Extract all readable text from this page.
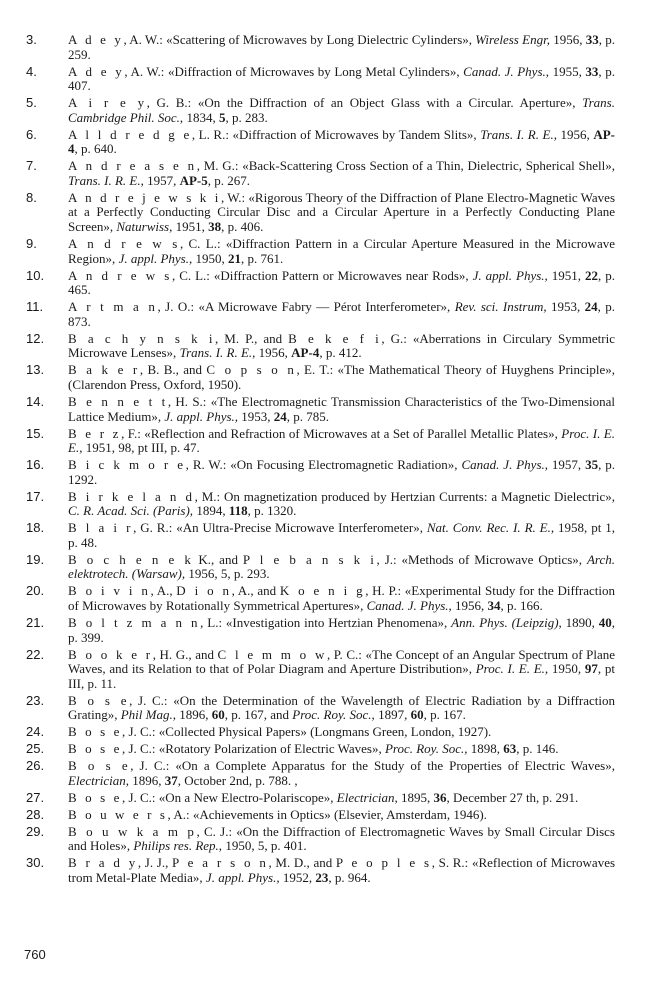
3.	A d e y, A. W.: «Scattering of Microwaves by Long Dielectric Cylinders», Wireless Engr, 1956, 33, p. 259.
4.	A d e y, A. W.: «Diffraction of Microwaves by Long Metal Cylinders», Canad. J. Phys., 1955, 33, p. 407.
5.	A i r e y, G. B.: «On the Diffraction of an Object Glass with a Circular. Aperture», Trans. Cambridge Phil. Soc., 1834, 5, p. 283.
6.	A l l d r e d g e, L. R.: «Diffraction of Microwaves by Tandem Slits», Trans. I. R. E., 1956, AP-4, p. 640.
7.	A n d r e a s e n, M. G.: «Back-Scattering Cross Section of a Thin, Dielectric, Spherical Shell», Trans. I. R. E., 1957, AP-5, p. 267.
8.	A n d r e j e w s k i, W.: «Rigorous Theory of the Diffraction of Plane Electro-Magnetic Waves at a Perfectly Conducting Circular Disc and a Circular Aperture in a Perfectly Conducting Plane Screen», Naturwiss, 1951, 38, p. 406.
9.	A n d r e w s, C. L.: «Diffraction Pattern in a Circular Aperture Measured in the Microwave Region», J. appl. Phys., 1950, 21, p. 761.
10.	A n d r e w s, C. L.: «Diffraction Pattern or Microwaves near Rods», J. appl. Phys., 1951, 22, p. 465.
11.	A r t m a n, J. O.: «A Microwave Fabry — Pérot Interferometer», Rev. sci. Instrum, 1953, 24, p. 873.
12.	B a c h y n s k i, M. P., and B e k e f i, G.: «Aberrations in Circulary Symmetric Microwave Lenses», Trans. I. R. E., 1956, AP-4, p. 412.
13.	B a k e r, B. B., and C o p s o n, E. T.: «The Mathematical Theory of Huyghens Principle», (Clarendon Press, Oxford, 1950).
14.	B e n n e t t, H. S.: «The Electromagnetic Transmission Characteristics of the Two-Dimensional Lattice Medium», J. appl. Phys., 1953, 24, p. 785.
15.	B e r z, F.: «Reflection and Refraction of Microwaves at a Set of Parallel Metallic Plates», Proc. I. E. E., 1951, 98, pt III, p. 47.
16.	B i c k m o r e, R. W.: «On Focusing Electromagnetic Radiation», Canad. J. Phys., 1957, 35, p. 1292.
17.	B i r k e l a n d, M.: On magnetization produced by Hertzian Currents: a Magnetic Dielectric», C. R. Acad. Sci. (Paris), 1894, 118, p. 1320.
18.	B l a i r, G. R.: «An Ultra-Precise Microwave Interferometer», Nat. Conv. Rec. I. R. E., 1958, pt 1, p. 48.
19.	B o c h e n e k K., and P l e b a n s k i, J.: «Methods of Microwave Optics», Arch. elektrotech. (Warsaw), 1956, 5, p. 293.
20.	B o i v i n, A., D i o n, A., and K o e n i g, H. P.: «Experimental Study for the Diffraction of Microwaves by Rotationally Symmetrical Apertures», Canad. J. Phys., 1956, 34, p. 166.
21.	B o l t z m a n n, L.: «Investigation into Hertzian Phenomena», Ann. Phys. (Leipzig), 1890, 40, p. 399.
22.	B o o k e r, H. G., and C l e m m o w, P. C.: «The Concept of an Angular Spectrum of Plane Waves, and its Relation to that of Polar Diagram and Aperture Distribution», Proc. I. E. E., 1950, 97, pt III, p. 11.
23.	B o s e, J. C.: «On the Determination of the Wavelength of Electric Radiation by a Diffraction Grating», Phil Mag., 1896, 60, p. 167, and Proc. Roy. Soc., 1897, 60, p. 167.
24.	B o s e, J. C.: «Collected Physical Papers» (Longmans Green, London, 1927).
25.	B o s e, J. C.: «Rotatory Polarization of Electric Waves», Proc. Roy. Soc., 1898, 63, p. 146.
26.	B o s e, J. C.: «On a Complete Apparatus for the Study of the Properties of Electric Waves», Electrician, 1896, 37, October 2nd, p. 788. ,
27.	B o s e, J. C.: «On a New Electro-Polariscope», Electrician, 1895, 36, December 27 th, p. 291.
28.	B o u w e r s, A.: «Achievements in Optics» (Elsevier, Amsterdam, 1946).
29.	B o u w k a m p, C. J.: «On the Diffraction of Electromagnetic Waves by Small Circular Discs and Holes», Philips res. Rep., 1950, 5, p. 401.
30.	B r a d y, J. J., P e a r s o n, M. D., and P e o p l e s, S. R.: «Reflection of Microwaves trom Metal-Plate Media», J. appl. Phys., 1952, 23, p. 964.
760
